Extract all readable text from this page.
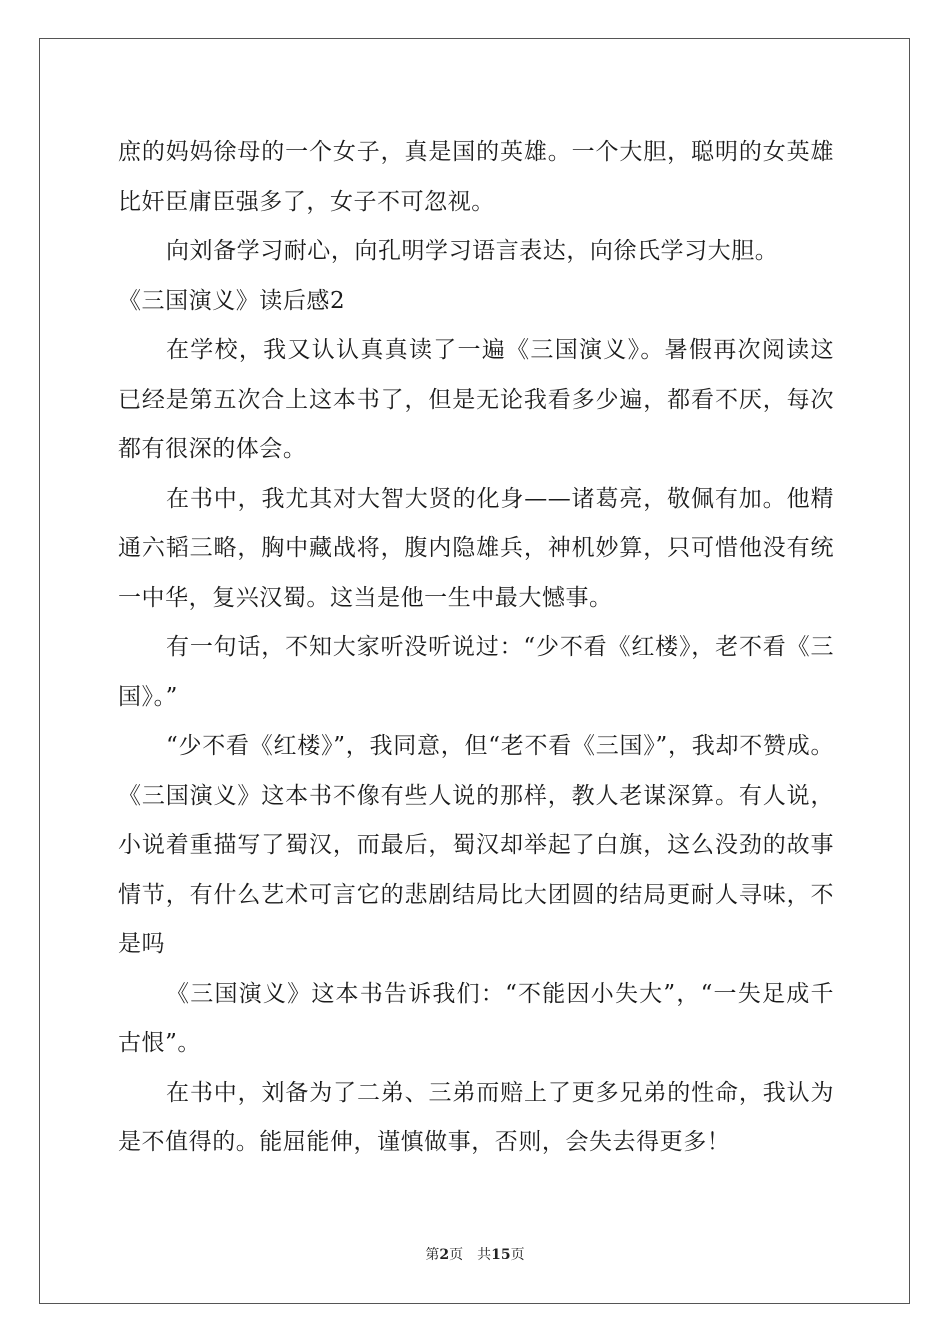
庶的妈妈徐母的一个女子，真是国的英雄。一个大胆，聪明的女英雄比奸臣庸臣强多了，女子不可忽视。

向刘备学习耐心，向孔明学习语言表达，向徐氏学习大胆。

《三国演义》读后感2

在学校，我又认认真真读了一遍《三国演义》。暑假再次阅读这已经是第五次合上这本书了，但是无论我看多少遍，都看不厌，每次都有很深的体会。

在书中，我尤其对大智大贤的化身——诸葛亮，敬佩有加。他精通六韬三略，胸中藏战将，腹内隐雄兵，神机妙算，只可惜他没有统一中华，复兴汉蜀。这当是他一生中最大憾事。

有一句话，不知大家听没听说过：“少不看《红楼》，老不看《三国》。”

“少不看《红楼》”，我同意，但“老不看《三国》”，我却不赞成。《三国演义》这本书不像有些人说的那样，教人老谋深算。有人说，小说着重描写了蜀汉，而最后，蜀汉却举起了白旗，这么没劲的故事情节，有什么艺术可言它的悲剧结局比大团圆的结局更耐人寻味，不是吗

《三国演义》这本书告诉我们：“不能因小失大”，“一失足成千古恨”。

在书中，刘备为了二弟、三弟而赔上了更多兄弟的性命，我认为是不值得的。能屈能伸，谨慎做事，否则，会失去得更多！

第2页 共15页
